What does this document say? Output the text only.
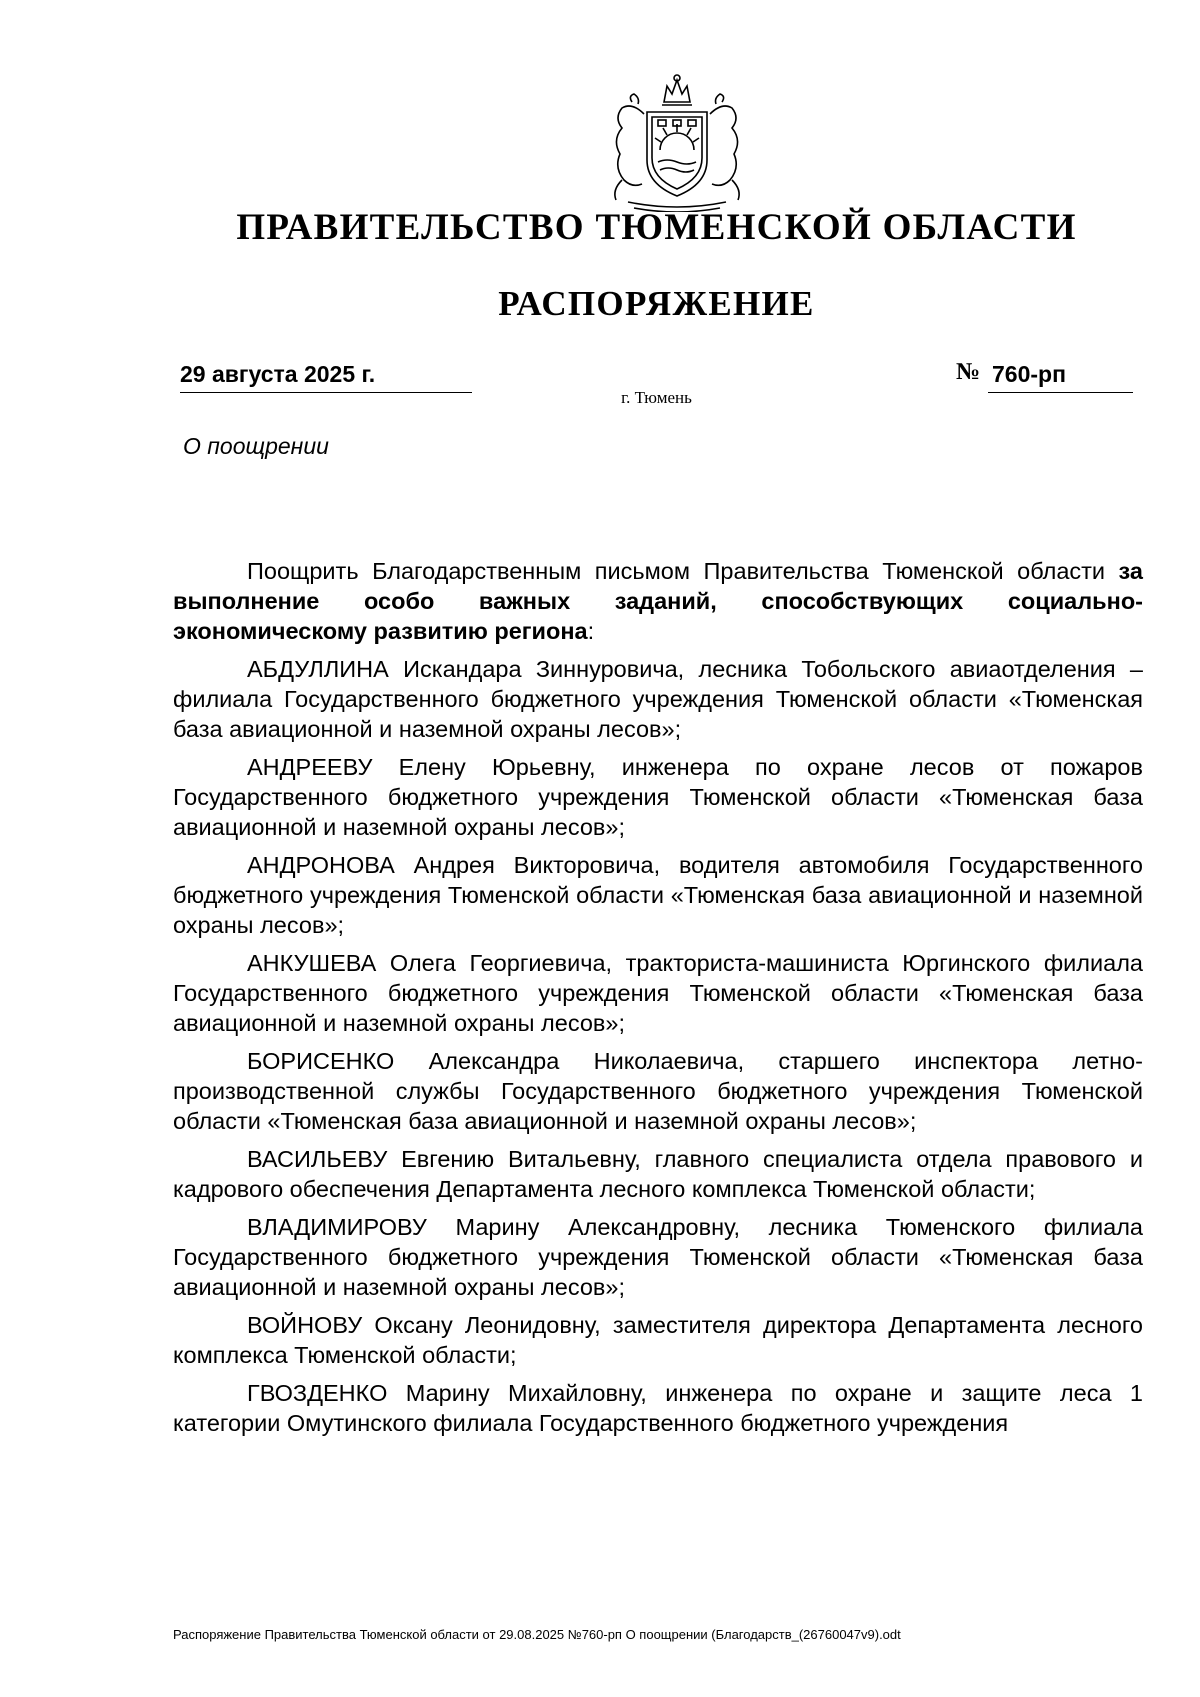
ПРАВИТЕЛЬСТВО ТЮМЕНСКОЙ ОБЛАСТИ
РАСПОРЯЖЕНИЕ
29 августа 2025 г.	№ 760-рп
г. Тюмень
О поощрении

Поощрить Благодарственным письмом Правительства Тюменской области за выполнение особо важных заданий, способствующих социально-экономическому развитию региона:

АБДУЛЛИНА Искандара Зиннуровича, лесника Тобольского авиаотделения – филиала Государственного бюджетного учреждения Тюменской области «Тюменская база авиационной и наземной охраны лесов»;

АНДРЕЕВУ Елену Юрьевну, инженера по охране лесов от пожаров Государственного бюджетного учреждения Тюменской области «Тюменская база авиационной и наземной охраны лесов»;

АНДРОНОВА Андрея Викторовича, водителя автомобиля Государственного бюджетного учреждения Тюменской области «Тюменская база авиационной и наземной охраны лесов»;

АНКУШЕВА Олега Георгиевича, тракториста-машиниста Юргинского филиала Государственного бюджетного учреждения Тюменской области «Тюменская база авиационной и наземной охраны лесов»;

БОРИСЕНКО Александра Николаевича, старшего инспектора летно-производственной службы Государственного бюджетного учреждения Тюменской области «Тюменская база авиационной и наземной охраны лесов»;

ВАСИЛЬЕВУ Евгению Витальевну, главного специалиста отдела правового и кадрового обеспечения Департамента лесного комплекса Тюменской области;

ВЛАДИМИРОВУ Марину Александровну, лесника Тюменского филиала Государственного бюджетного учреждения Тюменской области «Тюменская база авиационной и наземной охраны лесов»;

ВОЙНОВУ Оксану Леонидовну, заместителя директора Департамента лесного комплекса Тюменской области;

ГВОЗДЕНКО Марину Михайловну, инженера по охране и защите леса 1 категории Омутинского филиала Государственного бюджетного учреждения

Распоряжение Правительства Тюменской области от 29.08.2025 №760-рп О поощрении (Благодарств_(26760047v9).odt
